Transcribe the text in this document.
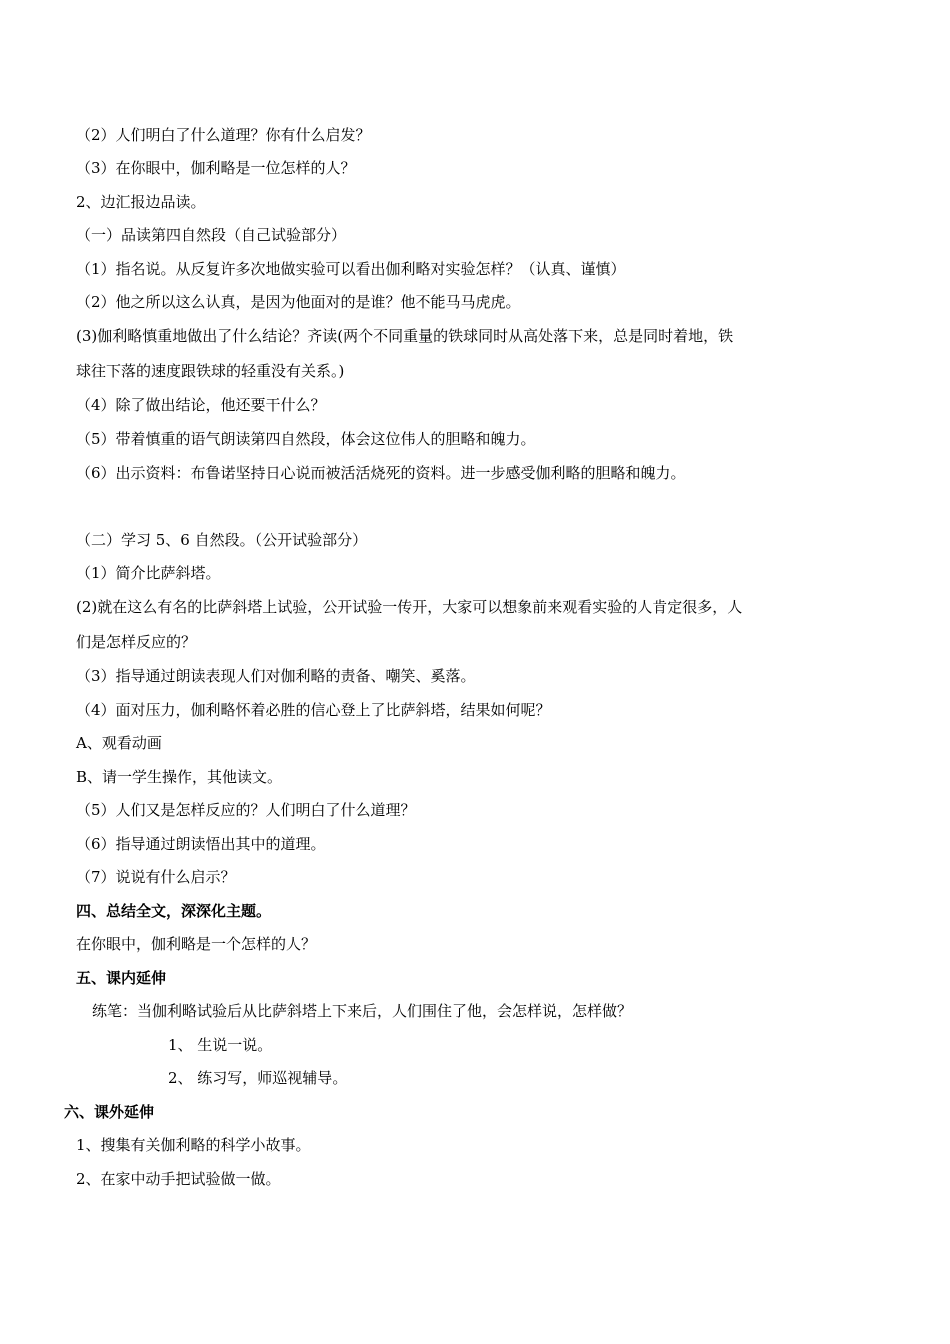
（2）人们明白了什么道理？你有什么启发？
（3）在你眼中，伽利略是一位怎样的人？
2、边汇报边品读。
（一）品读第四自然段（自己试验部分）
（1）指名说。从反复许多次地做实验可以看出伽利略对实验怎样？（认真、谨慎）
（2）他之所以这么认真，是因为他面对的是谁？他不能马马虎虎。
(3)伽利略慎重地做出了什么结论？齐读(两个不同重量的铁球同时从高处落下来，总是同时着地，铁
球往下落的速度跟铁球的轻重没有关系。)
（4）除了做出结论，他还要干什么？
（5）带着慎重的语气朗读第四自然段，体会这位伟人的胆略和魄力。
（6）出示资料：布鲁诺坚持日心说而被活活烧死的资料。进一步感受伽利略的胆略和魄力。
（二）学习 5、6 自然段。（公开试验部分）
（1）简介比萨斜塔。
(2)就在这么有名的比萨斜塔上试验，公开试验一传开，大家可以想象前来观看实验的人肯定很多，人
们是怎样反应的？
（3）指导通过朗读表现人们对伽利略的责备、嘲笑、奚落。
（4）面对压力，伽利略怀着必胜的信心登上了比萨斜塔，结果如何呢？
A、观看动画
B、请一学生操作，其他读文。
（5）人们又是怎样反应的？人们明白了什么道理？
（6）指导通过朗读悟出其中的道理。
（7）说说有什么启示？
四、总结全文，深深化主题。
在你眼中，伽利略是一个怎样的人？
五、课内延伸
练笔：当伽利略试验后从比萨斜塔上下来后，人们围住了他，会怎样说，怎样做？
1、 生说一说。
2、 练习写，师巡视辅导。
六、课外延伸
1、搜集有关伽利略的科学小故事。
2、在家中动手把试验做一做。
